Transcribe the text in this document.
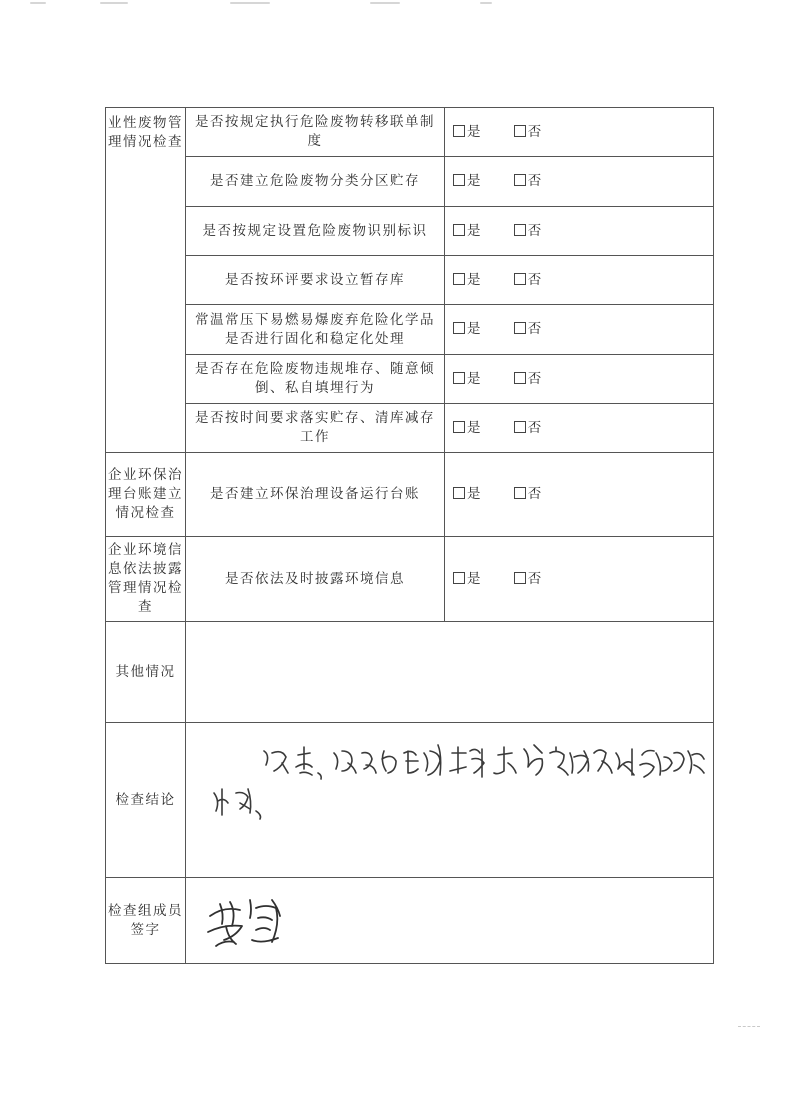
业性废物管理情况检查	是否按规定执行危险废物转移联单制度	是 否
	是否建立危险废物分类分区贮存	是 否
	是否按规定设置危险废物识别标识	是 否
	是否按环评要求设立暂存库	是 否
	常温常压下易燃易爆废弃危险化学品是否进行固化和稳定化处理	是 否
	是否存在危险废物违规堆存、随意倾倒、私自填埋行为	是 否
	是否按时间要求落实贮存、清库减存工作	是 否
企业环保治理台账建立情况检查	是否建立环保治理设备运行台账	是 否
企业环境信息依法披露管理情况检查	是否依法及时披露环境信息	是 否
其他情况		
检查结论	

检查组成员签字	
